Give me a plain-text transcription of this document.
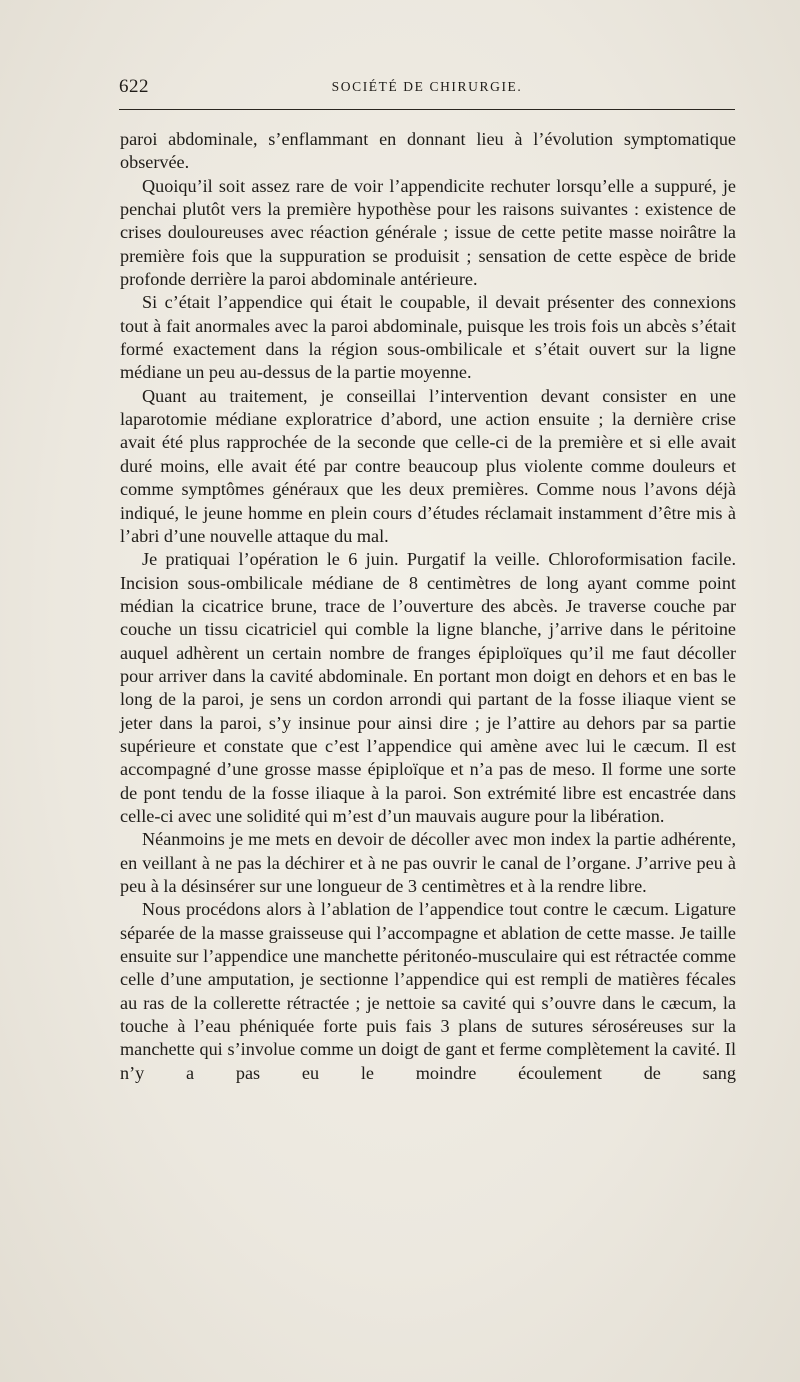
622	SOCIÉTÉ DE CHIRURGIE.

paroi abdominale, s’enflammant en donnant lieu à l’évolution symptomatique observée.

Quoiqu’il soit assez rare de voir l’appendicite rechuter lorsqu’elle a suppuré, je penchai plutôt vers la première hypothèse pour les raisons suivantes : existence de crises douloureuses avec réaction générale ; issue de cette petite masse noirâtre la première fois que la suppuration se produisit ; sensation de cette espèce de bride profonde derrière la paroi abdominale antérieure.

Si c’était l’appendice qui était le coupable, il devait présenter des connexions tout à fait anormales avec la paroi abdominale, puisque les trois fois un abcès s’était formé exactement dans la région sous-ombilicale et s’était ouvert sur la ligne médiane un peu au-dessus de la partie moyenne.

Quant au traitement, je conseillai l’intervention devant consister en une laparotomie médiane exploratrice d’abord, une action ensuite ; la dernière crise avait été plus rapprochée de la seconde que celle-ci de la première et si elle avait duré moins, elle avait été par contre beaucoup plus violente comme douleurs et comme symptômes généraux que les deux premières. Comme nous l’avons déjà indiqué, le jeune homme en plein cours d’études réclamait instamment d’être mis à l’abri d’une nouvelle attaque du mal.

Je pratiquai l’opération le 6 juin. Purgatif la veille. Chloroformisation facile. Incision sous-ombilicale médiane de 8 centimètres de long ayant comme point médian la cicatrice brune, trace de l’ouverture des abcès. Je traverse couche par couche un tissu cicatriciel qui comble la ligne blanche, j’arrive dans le péritoine auquel adhèrent un certain nombre de franges épiploïques qu’il me faut décoller pour arriver dans la cavité abdominale. En portant mon doigt en dehors et en bas le long de la paroi, je sens un cordon arrondi qui partant de la fosse iliaque vient se jeter dans la paroi, s’y insinue pour ainsi dire ; je l’attire au dehors par sa partie supérieure et constate que c’est l’appendice qui amène avec lui le cæcum. Il est accompagné d’une grosse masse épiploïque et n’a pas de meso. Il forme une sorte de pont tendu de la fosse iliaque à la paroi. Son extrémité libre est encastrée dans celle-ci avec une solidité qui m’est d’un mauvais augure pour la libération.

Néanmoins je me mets en devoir de décoller avec mon index la partie adhérente, en veillant à ne pas la déchirer et à ne pas ouvrir le canal de l’organe. J’arrive peu à peu à la désinsérer sur une longueur de 3 centimètres et à la rendre libre.

Nous procédons alors à l’ablation de l’appendice tout contre le cæcum. Ligature séparée de la masse graisseuse qui l’accompagne et ablation de cette masse. Je taille ensuite sur l’appendice une manchette péritonéo-musculaire qui est rétractée comme celle d’une amputation, je sectionne l’appendice qui est rempli de matières fécales au ras de la collerette rétractée ; je nettoie sa cavité qui s’ouvre dans le cæcum, la touche à l’eau phéniquée forte puis fais 3 plans de sutures séroséreuses sur la manchette qui s’involue comme un doigt de gant et ferme complètement la cavité. Il n’y a pas eu le moindre écoulement de sang
